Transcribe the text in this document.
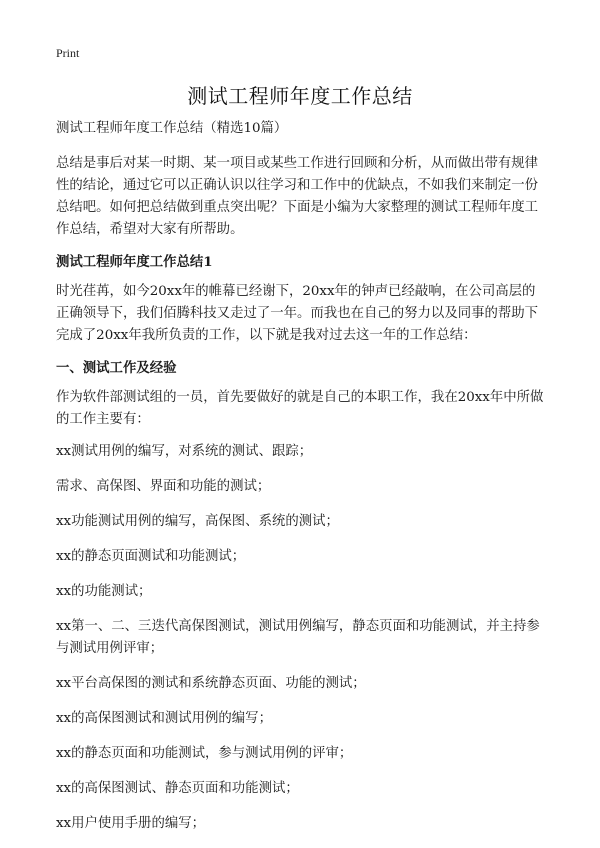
Print
测试工程师年度工作总结

测试工程师年度工作总结（精选10篇）

总结是事后对某一时期、某一项目或某些工作进行回顾和分析，从而做出带有规律性的结论，通过它可以正确认识以往学习和工作中的优缺点，不如我们来制定一份总结吧。如何把总结做到重点突出呢？下面是小编为大家整理的测试工程师年度工作总结，希望对大家有所帮助。

测试工程师年度工作总结1

时光荏苒，如今20xx年的帷幕已经谢下，20xx年的钟声已经敲响，在公司高层的正确领导下，我们佰腾科技又走过了一年。而我也在自己的努力以及同事的帮助下完成了20xx年我所负责的工作，以下就是我对过去这一年的工作总结：

一、测试工作及经验

作为软件部测试组的一员，首先要做好的就是自己的本职工作，我在20xx年中所做的工作主要有：

xx测试用例的编写，对系统的测试、跟踪；

需求、高保图、界面和功能的测试；

xx功能测试用例的编写，高保图、系统的测试；

xx的静态页面测试和功能测试；

xx的功能测试；

xx第一、二、三迭代高保图测试，测试用例编写，静态页面和功能测试，并主持参与测试用例评审；

xx平台高保图的测试和系统静态页面、功能的测试；

xx的高保图测试和测试用例的编写；

xx的静态页面和功能测试，参与测试用例的评审；

xx的高保图测试、静态页面和功能测试；

xx用户使用手册的编写；
